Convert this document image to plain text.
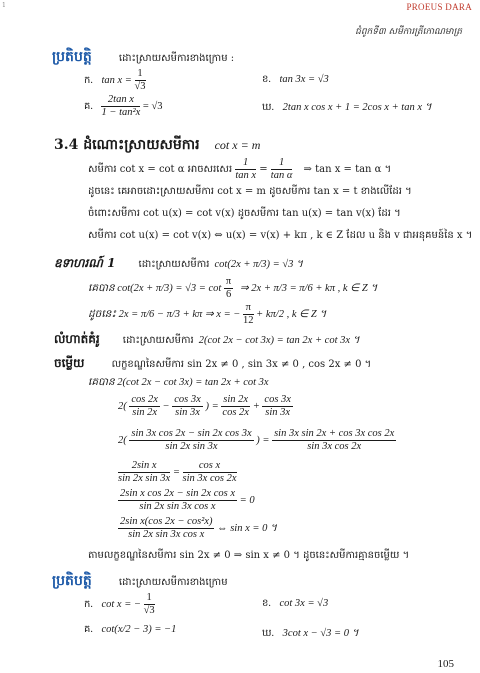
1	PROEUS DARA
ជំពូកទី៣ សមីការត្រីកោណមាត្រ
ប្រតិបត្តិ	ដោះស្រាយសមីការខាងក្រោម :
ក. $\tan x = \frac{1}{√3}$	ខ. tan 3x = √3
គ. $\frac{\text{2tan x}}{\text{1 − tan²x}} = √3$	ឃ. 2tan x cos x + 1 = 2cos x + tan x ។
3.4 ដំណោះស្រាយសមីការ cot x = m
សមីការ cot x = cot α អាចសរសេរ $\frac{1}{\text{tan x}} = \frac{1}{\text{tan α}}$ ⇒ tan x = tan α ។
ដូចនេះ គេអាចដោះស្រាយសមីការ cot x = m ដូចសមីការ tan x = t ខាងលើដែរ ។
ចំពោះសមីការ cot u(x) = cot v(x) ដូចសមីការ tan u(x) = tan v(x) ដែរ ។
សមីការ cot u(x) = cot v(x) ⇔ u(x) = v(x) + kπ , k ∈ Z ដែល u និង v ជាអនុគមន៍នៃ x ។
ឧទាហរណ៍ 1 ដោះស្រាយសមីការ cot(2x + π/3) = √3 ។
គេបាន $\cot(2x + \pi/3) = √3 = \cot \frac{\pi}{6}$ ⇒ 2x + π/3 = π/6 + kπ , k ∈ Z ។
ដូចនេះ 2x = π/6 − π/3 + kπ ⇒ x = − $\frac{\pi}{12} + k\pi/2$ , k ∈ Z ។
លំហាត់គំរូ ដោះស្រាយសមីការ 2(cot 2x − cot 3x) = tan 2x + cot 3x ។
ចម្លើយ	លក្ខខណ្ឌនៃសមីការ sin 2x ≠ 0 , sin 3x ≠ 0 , cos 2x ≠ 0 ។
គេបាន 2(cot 2x − cot 3x) = tan 2x + cot 3x
$2( \frac{\cos 2x}{\sin 2x} - \frac{\cos 3x}{\sin 3x}$ ) = $\frac{\sin 2x}{\cos 2x} + \frac{\cos 3x}{\sin 3x}$
$2( \frac{\text{sin 3x cos 2x − sin 2x cos 3x}}{\text{sin 2x sin 3x}}$ ) = $\frac{\text{sin 3x sin 2x + cos 3x cos 2x}}{\text{sin 3x cos 2x}}$
$\frac{\text{2sin x}}{\text{sin 2x sin 3x}} = \frac{\text{cos x}}{\text{sin 3x cos 2x}}$
$\frac{\text{2sin x cos 2x − sin 2x cos x}}{\text{sin 2x sin 3x cos x}} = 0$
$\frac{\text{2sin x(cos 2x − cos²x)}}{\text{sin 2x sin 3x cos x}}$ ⇔ sin x = 0 ។
តាមលក្ខខណ្ឌនៃសមីការ sin 2x ≠ 0 ⇒ sin x ≠ 0 ។ ដូចនេះសមីការគ្មានចម្លើយ ។
ប្រតិបត្តិ	ដោះស្រាយសមីការខាងក្រោម
ក. cot x = − $\frac{1}{√3}$	ខ. cot 3x = √3
គ. cot(x/2 − 3) = −1	ឃ. 3cot x − √3 = 0 ។
105
